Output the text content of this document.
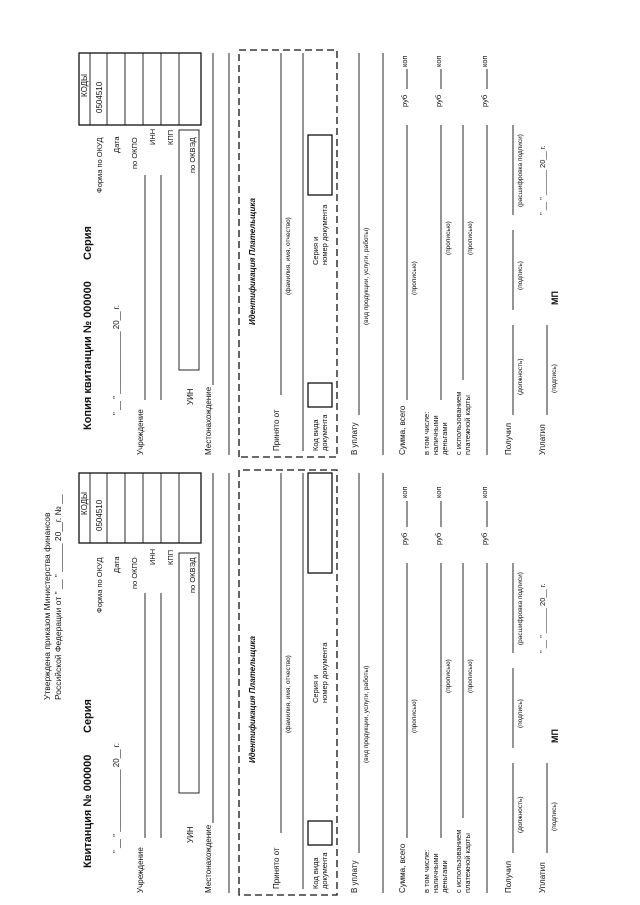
Утверждена приказом Министерства финансов Российской Федерации от " __ " ______ 20__г. № __
Квитанция № 000000
Серия
" __ " ______________ 20__ г.
КОДЫ 0504510
Форма по ОКУД Дата по ОКПО
ИНН КПП по ОКВЭД
Учреждение
УИН Местонахождение
Идентификация Плательщика
Принято от
(фамилия, имя, отчество)
Код вида документа
Серия и номер документа
В уплату
(вид продукции, услуги, работы)
Сумма, всего
(прописью)
руб
коп
в том числе: наличными деньгами
(прописью)
руб
коп
с использованием платежной карты
(прописью)
руб
коп
Получил
(должность)
(подпись)
(расшифровка подписи)
Уплатил
(подпись)
МП
" __ " ______ 20__ г.
Копия квитанции № 000000
Серия
" __ " ______________ 20__ г.
КОДЫ 0504510
Форма по ОКУД Дата по ОКПО
ИНН КПП по ОКВЭД
Учреждение
УИН Местонахождение
Идентификация Плательщика
Принято от
(фамилия, имя, отчество)
Код вида документа
Серия и номер документа
В уплату
(вид продукции, услуги, работы)
Сумма, всего
(прописью)
руб
коп
в том числе: наличными деньгами
(прописью)
руб
коп
с использованием платежной карты
(прописью)
руб
коп
Получил
(должность)
(подпись)
(расшифровка подписи)
Уплатил
(подпись)
МП
" __ " ______ 20__ г.
